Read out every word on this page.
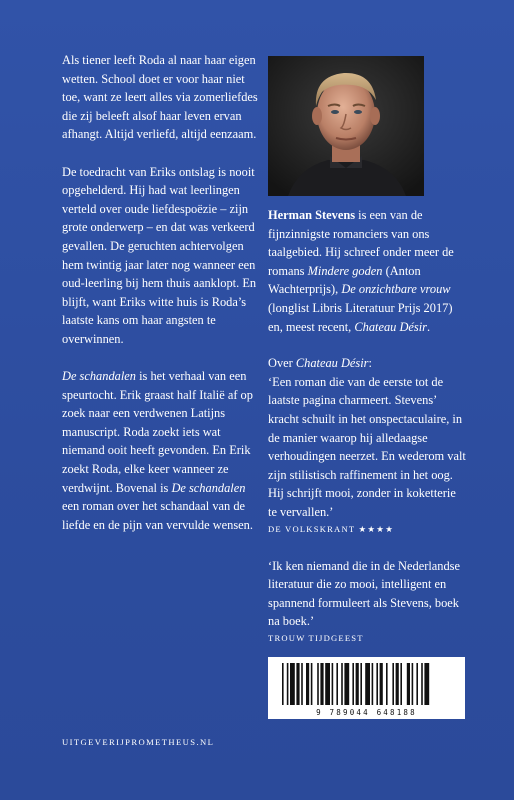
Als tiener leeft Roda al naar haar eigen wetten. School doet er voor haar niet toe, want ze leert alles via zomerliefdes die zij beleeft alsof haar leven ervan afhangt. Altijd verliefd, altijd eenzaam.

De toedracht van Eriks ontslag is nooit opgehelderd. Hij had wat leerlingen verteld over oude liefdespoëzie – zijn grote onderwerp – en dat was verkeerd gevallen. De geruchten achtervolgen hem twintig jaar later nog wanneer een oud-leerling bij hem thuis aanklopt. En blijft, want Eriks witte huis is Roda’s laatste kans om haar angsten te overwinnen.

De schandalen is het verhaal van een speurtocht. Erik graast half Italië af op zoek naar een verdwenen Latijns manuscript. Roda zoekt iets wat niemand ooit heeft gevonden. En Erik zoekt Roda, elke keer wanneer ze verdwijnt. Bovenal is De schandalen een roman over het schandaal van de liefde en de pijn van vervulde wensen.

Herman Stevens is een van de fijnzinnigste romanciers van ons taalgebied. Hij schreef onder meer de romans Mindere goden (Anton Wachterprijs), De onzichtbare vrouw (longlist Libris Literatuur Prijs 2017) en, meest recent, Chateau Désir.

Over Chateau Désir:

‘Een roman die van de eerste tot de laatste pagina charmeert. Stevens’ kracht schuilt in het onspectaculaire, in de manier waarop hij alledaagse verhoudingen neerzet. En wederom valt zijn stilistisch raffinement in het oog. Hij schrijft mooi, zonder in koketterie te vervallen.’

DE VOLKSKRANT ★★★★

‘Ik ken niemand die in de Nederlandse literatuur die zo mooi, intelligent en spannend formuleert als Stevens, boek na boek.’

TROUW TIJDGEEST
9 789044 648188
UITGEVERIJPROMETHEUS.NL
